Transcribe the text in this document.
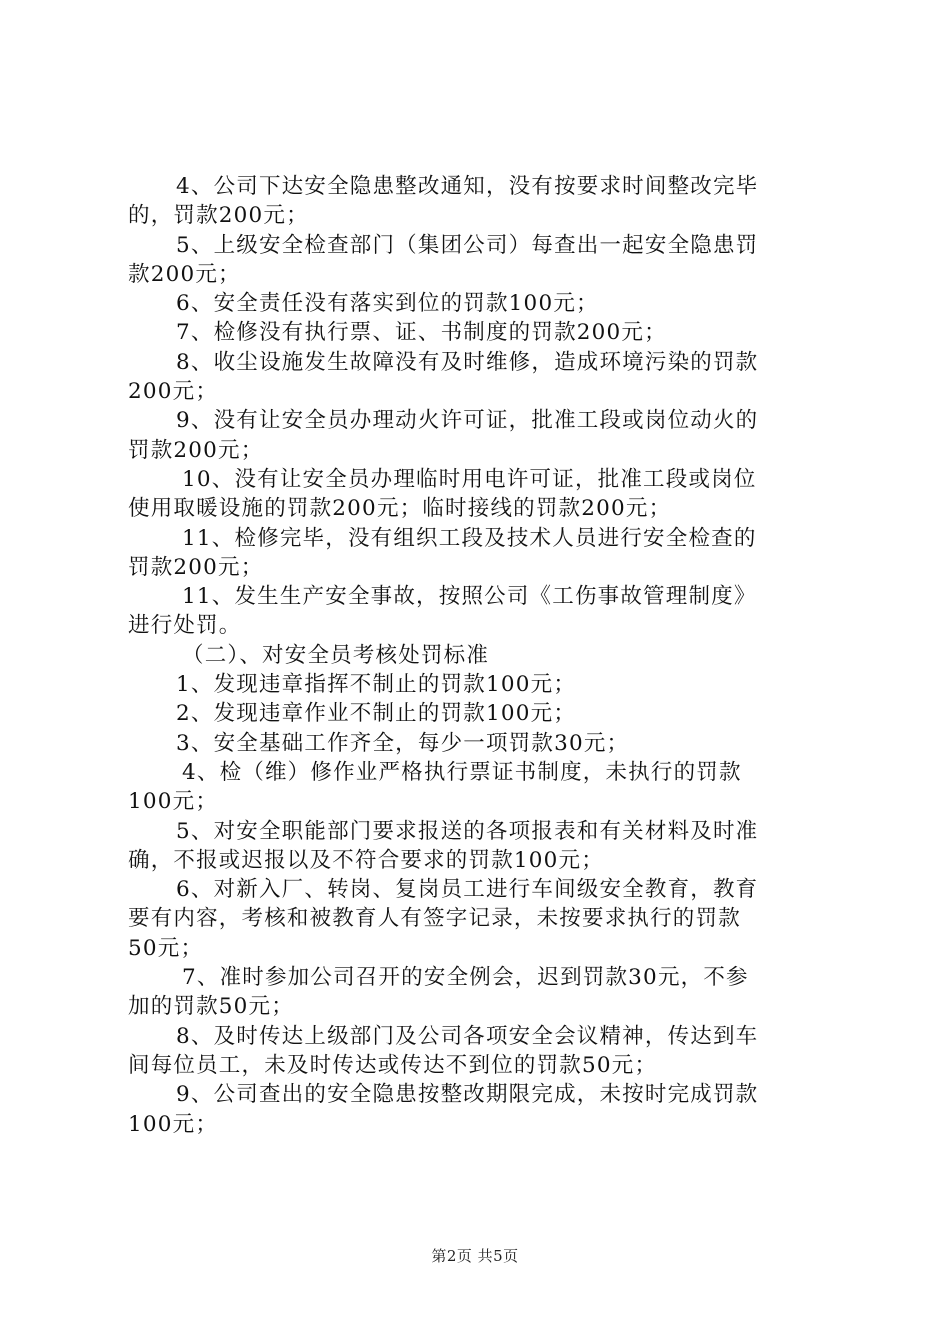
4、公司下达安全隐患整改通知，没有按要求时间整改完毕
的，罚款200元；
5、上级安全检查部门（集团公司）每查出一起安全隐患罚
款200元；
6、安全责任没有落实到位的罚款100元；
7、检修没有执行票、证、书制度的罚款200元；
8、收尘设施发生故障没有及时维修，造成环境污染的罚款
200元；
9、没有让安全员办理动火许可证，批准工段或岗位动火的
罚款200元；
10、没有让安全员办理临时用电许可证，批准工段或岗位
使用取暖设施的罚款200元；临时接线的罚款200元；
11、检修完毕，没有组织工段及技术人员进行安全检查的
罚款200元；
11、发生生产安全事故，按照公司《工伤事故管理制度》
进行处罚。
（二）、对安全员考核处罚标准
1、发现违章指挥不制止的罚款100元；
2、发现违章作业不制止的罚款100元；
3、安全基础工作齐全，每少一项罚款30元；
4、检（维）修作业严格执行票证书制度，未执行的罚款
100元；
5、对安全职能部门要求报送的各项报表和有关材料及时准
确，不报或迟报以及不符合要求的罚款100元；
6、对新入厂、转岗、复岗员工进行车间级安全教育，教育
要有内容，考核和被教育人有签字记录，未按要求执行的罚款
50元；
7、准时参加公司召开的安全例会，迟到罚款30元，不参
加的罚款50元；
8、及时传达上级部门及公司各项安全会议精神，传达到车
间每位员工，未及时传达或传达不到位的罚款50元；
9、公司查出的安全隐患按整改期限完成，未按时完成罚款
100元；
第2页 共5页
